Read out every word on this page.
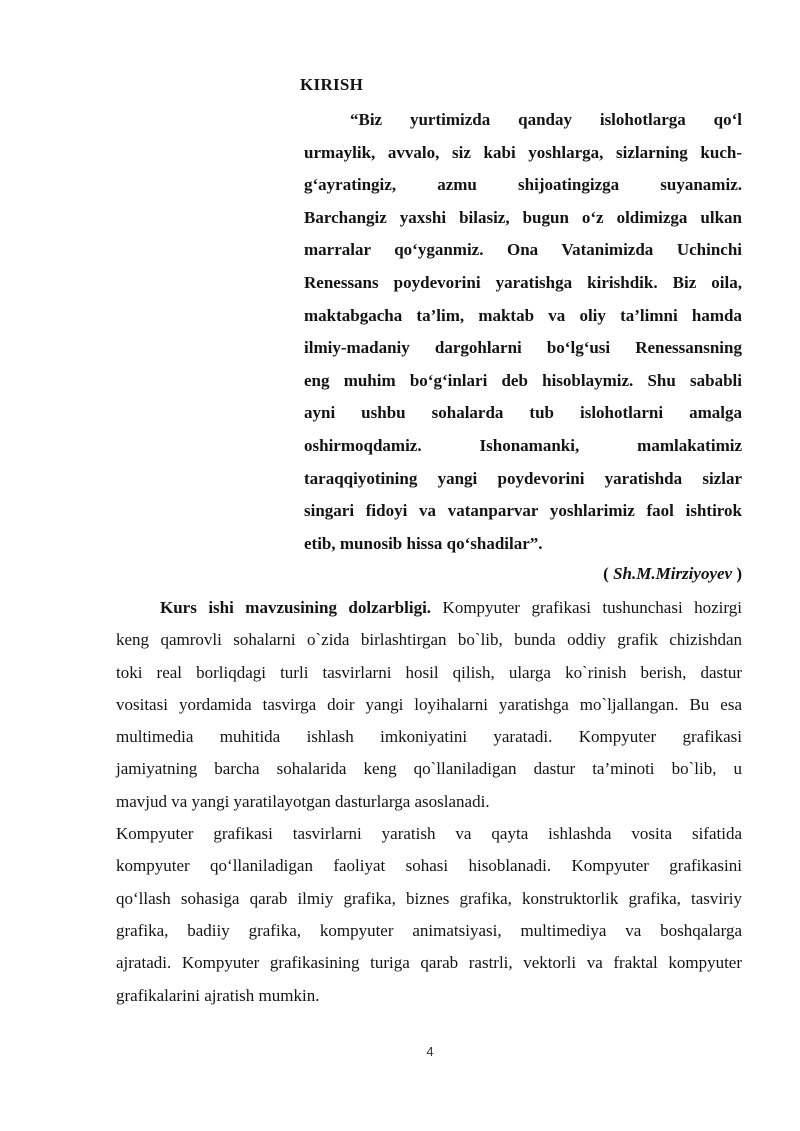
KIRISH
“Biz yurtimizda qanday islohotlarga qo‘l
urmaylik, avvalo, siz kabi yoshlarga, sizlarning kuch-
g‘ayratingiz, azmu shijoatingizga suyanamiz.
Barchangiz yaxshi bilasiz, bugun o‘z oldimizga ulkan
marralar qo‘yganmiz. Ona Vatanimizda Uchinchi
Renessans poydevorini yaratishga kirishdik. Biz oila,
maktabgacha ta’lim, maktab va oliy ta’limni hamda
ilmiy-madaniy dargohlarni bo‘lg‘usi Renessansning
eng muhim bo‘g‘inlari deb hisoblaymiz. Shu sababli
ayni ushbu sohalarda tub islohotlarni amalga
oshirmoqdamiz. Ishonamanki, mamlakatimiz
taraqqiyotining yangi poydevorini yaratishda sizlar
singari fidoyi va vatanparvar yoshlarimiz faol ishtirok
etib, munosib hissa qo‘shadilar”.
( Sh.M.Mirziyoyev )
Kurs ishi mavzusining dolzarbligi. Kompyuter grafikasi tushunchasi hozirgi
keng qamrovli sohalarni o`zida birlashtirgan bo`lib, bunda oddiy grafik chizishdan
toki real borliqdagi turli tasvirlarni hosil qilish, ularga ko`rinish berish, dastur
vositasi yordamida tasvirga doir yangi loyihalarni yaratishga mo`ljallangan. Bu esa
multimedia muhitida ishlash imkoniyatini yaratadi. Kompyuter grafikasi
jamiyatning barcha sohalarida keng qo`llaniladigan dastur ta’minoti bo`lib, u
mavjud va yangi yaratilayotgan dasturlarga asoslanadi.
Kompyuter grafikasi tasvirlarni yaratish va qayta ishlashda vosita sifatida
kompyuter qo‘llaniladigan faoliyat sohasi hisoblanadi. Kompyuter grafikasini
qo‘llash sohasiga qarab ilmiy grafika, biznes grafika, konstruktorlik grafika, tasviriy
grafika, badiiy grafika, kompyuter animatsiyasi, multimediya va boshqalarga
ajratadi. Kompyuter grafikasining turiga qarab rastrli, vektorli va fraktal kompyuter
grafikalarini ajratish mumkin.
4
